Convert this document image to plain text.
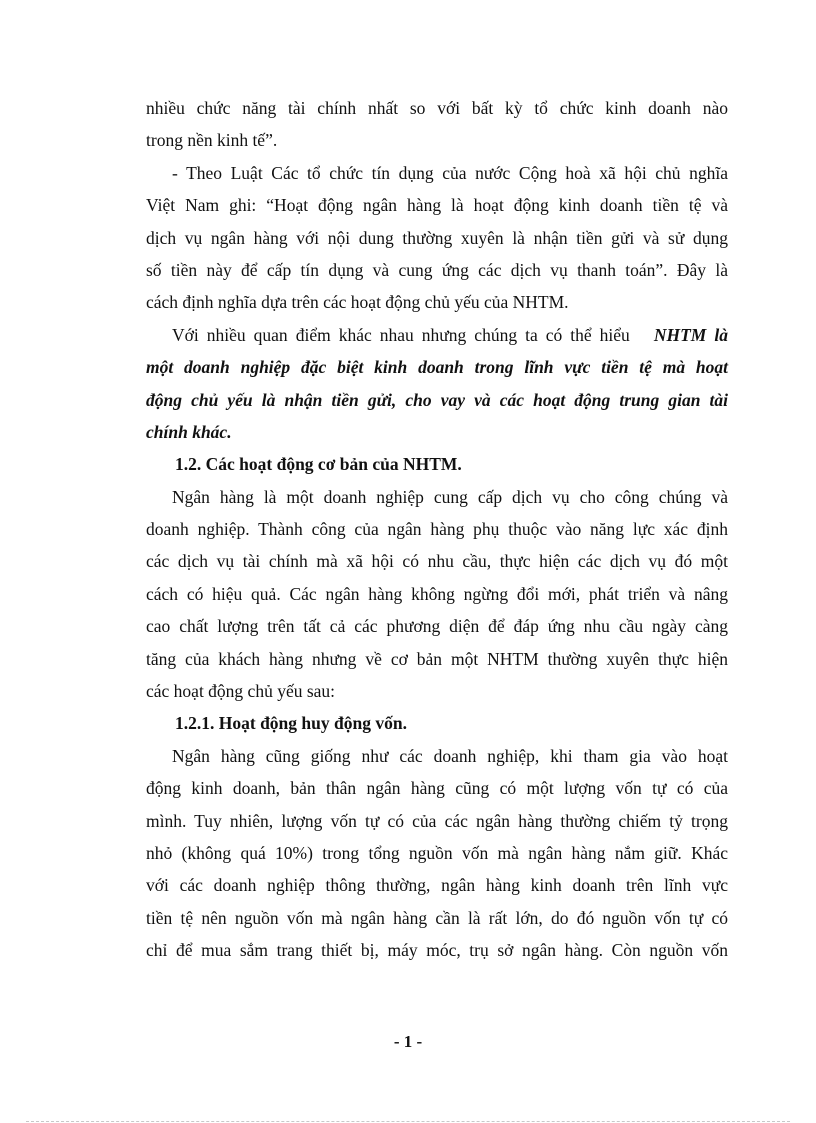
nhiều chức năng tài chính nhất so với bất kỳ tổ chức kinh doanh nào
trong nền kinh tế”.
- Theo Luật Các tổ chức tín dụng của nước Cộng hoà xã hội chủ nghĩa
Việt Nam ghi: “Hoạt động ngân hàng là hoạt động kinh doanh tiền tệ và
dịch vụ ngân hàng với nội dung thường xuyên là nhận tiền gửi và sử dụng
số tiền này để cấp tín dụng và cung ứng các dịch vụ thanh toán”. Đây là
cách định nghĩa dựa trên các hoạt động chủ yếu của NHTM.
Với nhiều quan điểm khác nhau nhưng chúng ta có thể hiểu NHTM là
một doanh nghiệp đặc biệt kinh doanh trong lĩnh vực tiền tệ mà hoạt
động chủ yếu là nhận tiền gửi, cho vay và các hoạt động trung gian tài
chính khác.
1.2. Các hoạt động cơ bản của NHTM.
Ngân hàng là một doanh nghiệp cung cấp dịch vụ cho công chúng và
doanh nghiệp. Thành công của ngân hàng phụ thuộc vào năng lực xác định
các dịch vụ tài chính mà xã hội có nhu cầu, thực hiện các dịch vụ đó một
cách có hiệu quả. Các ngân hàng không ngừng đổi mới, phát triển và nâng
cao chất lượng trên tất cả các phương diện để đáp ứng nhu cầu ngày càng
tăng của khách hàng nhưng về cơ bản một NHTM thường xuyên thực hiện
các hoạt động chủ yếu sau:
1.2.1. Hoạt động huy động vốn.
Ngân hàng cũng giống như các doanh nghiệp, khi tham gia vào hoạt
động kinh doanh, bản thân ngân hàng cũng có một lượng vốn tự có của
mình. Tuy nhiên, lượng vốn tự có của các ngân hàng thường chiếm tỷ trọng
nhỏ (không quá 10%) trong tổng nguồn vốn mà ngân hàng nắm giữ. Khác
với các doanh nghiệp thông thường, ngân hàng kinh doanh trên lĩnh vực
tiền tệ nên nguồn vốn mà ngân hàng cần là rất lớn, do đó nguồn vốn tự có
chỉ để mua sắm trang thiết bị, máy móc, trụ sở ngân hàng. Còn nguồn vốn
- 1 -
